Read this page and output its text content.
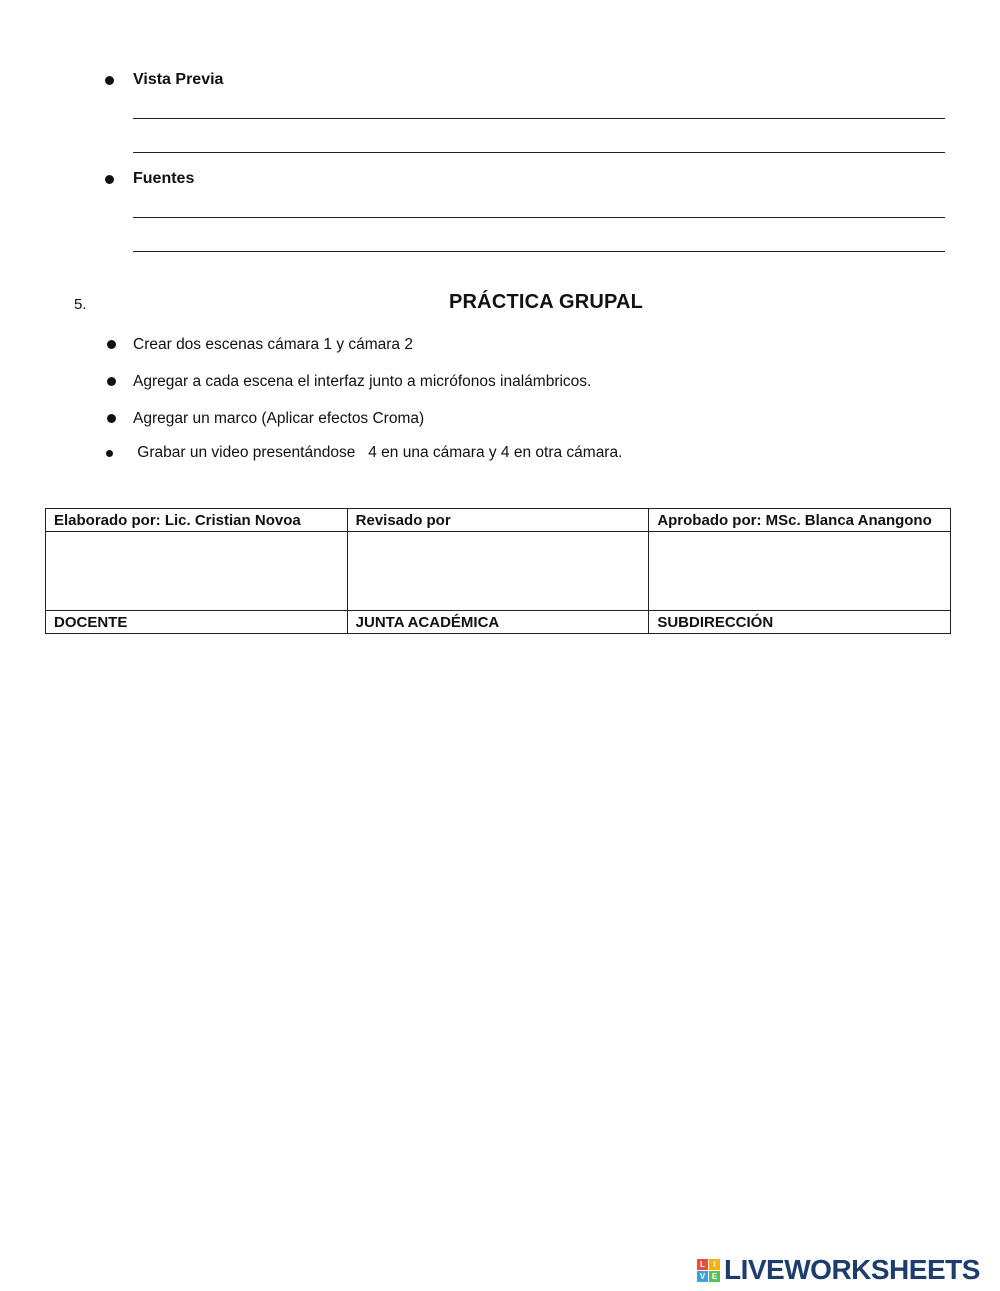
Vista Previa
Fuentes
5.	PRÁCTICA GRUPAL
Crear dos escenas cámara 1 y cámara 2
Agregar a cada escena el interfaz junto a micrófonos inalámbricos.
Agregar un marco (Aplicar efectos Croma)
Grabar un video presentándose   4 en una cámara y 4 en otra cámara.
Elaborado por: Lic. Cristian Novoa	Revisado por	Aprobado por: MSc. Blanca Anangono

DOCENTE	JUNTA ACADÉMICA	SUBDIRECCIÓN
L	I
V E LIVEWORKSHEETS
